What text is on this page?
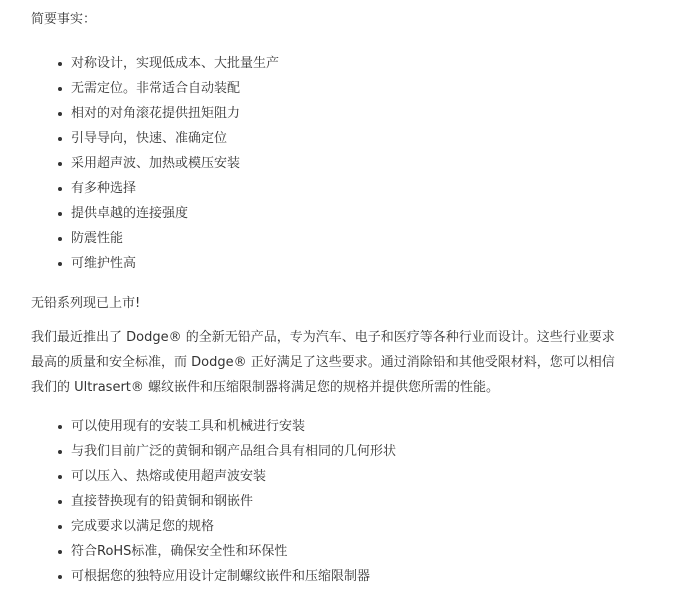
简要事实：

对称设计，实现低成本、大批量生产
无需定位。非常适合自动装配
相对的对角滚花提供扭矩阻力
引导导向，快速、准确定位
采用超声波、加热或模压安装
有多种选择
提供卓越的连接强度
防震性能
可维护性高

无铅系列现已上市!

我们最近推出了 Dodge® 的全新无铅产品，专为汽车、电子和医疗等各种行业而设计。这些行业要求
最高的质量和安全标准，而 Dodge® 正好满足了这些要求。通过消除铅和其他受限材料，您可以相信
我们的 Ultrasert® 螺纹嵌件和压缩限制器将满足您的规格并提供您所需的性能。
可以使用现有的安装工具和机械进行安装
与我们目前广泛的黄铜和钢产品组合具有相同的几何形状
可以压入、热熔或使用超声波安装
直接替换现有的铅黄铜和钢嵌件
完成要求以满足您的规格
符合RoHS标准，确保安全性和环保性
可根据您的独特应用设计定制螺纹嵌件和压缩限制器
